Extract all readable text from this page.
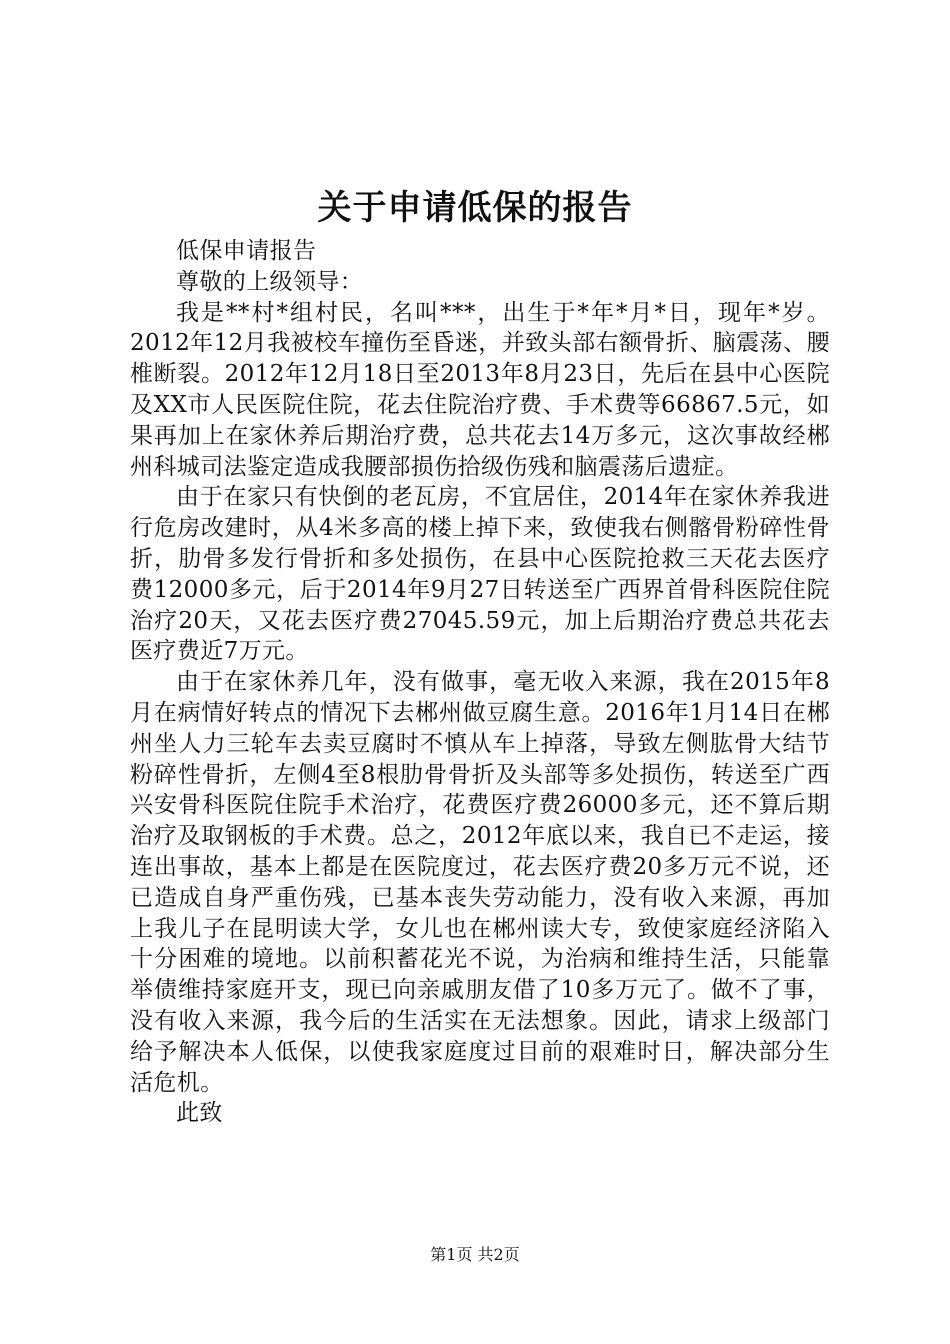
关于申请低保的报告

低保申请报告

尊敬的上级领导：

我是**村*组村民，名叫***，出生于*年*月*日，现年*岁。2012年12月我被校车撞伤至昏迷，并致头部右额骨折、脑震荡、腰椎断裂。2012年12月18日至2013年8月23日，先后在县中心医院及XX市人民医院住院，花去住院治疗费、手术费等66867.5元，如果再加上在家休养后期治疗费，总共花去14万多元，这次事故经郴州科城司法鉴定造成我腰部损伤拾级伤残和脑震荡后遗症。

由于在家只有快倒的老瓦房，不宜居住，2014年在家休养我进行危房改建时，从4米多高的楼上掉下来，致使我右侧髂骨粉碎性骨折，肋骨多发行骨折和多处损伤，在县中心医院抢救三天花去医疗费12000多元，后于2014年9月27日转送至广西界首骨科医院住院治疗20天，又花去医疗费27045.59元，加上后期治疗费总共花去医疗费近7万元。

由于在家休养几年，没有做事，毫无收入来源，我在2015年8月在病情好转点的情况下去郴州做豆腐生意。2016年1月14日在郴州坐人力三轮车去卖豆腐时不慎从车上掉落，导致左侧肱骨大结节粉碎性骨折，左侧4至8根肋骨骨折及头部等多处损伤，转送至广西兴安骨科医院住院手术治疗，花费医疗费26000多元，还不算后期治疗及取钢板的手术费。总之，2012年底以来，我自已不走运，接连出事故，基本上都是在医院度过，花去医疗费20多万元不说，还已造成自身严重伤残，已基本丧失劳动能力，没有收入来源，再加上我儿子在昆明读大学，女儿也在郴州读大专，致使家庭经济陷入十分困难的境地。以前积蓄花光不说，为治病和维持生活，只能靠举债维持家庭开支，现已向亲戚朋友借了10多万元了。做不了事，没有收入来源，我今后的生活实在无法想象。因此，请求上级部门给予解决本人低保，以使我家庭度过目前的艰难时日，解决部分生活危机。

此致

第1页 共2页
